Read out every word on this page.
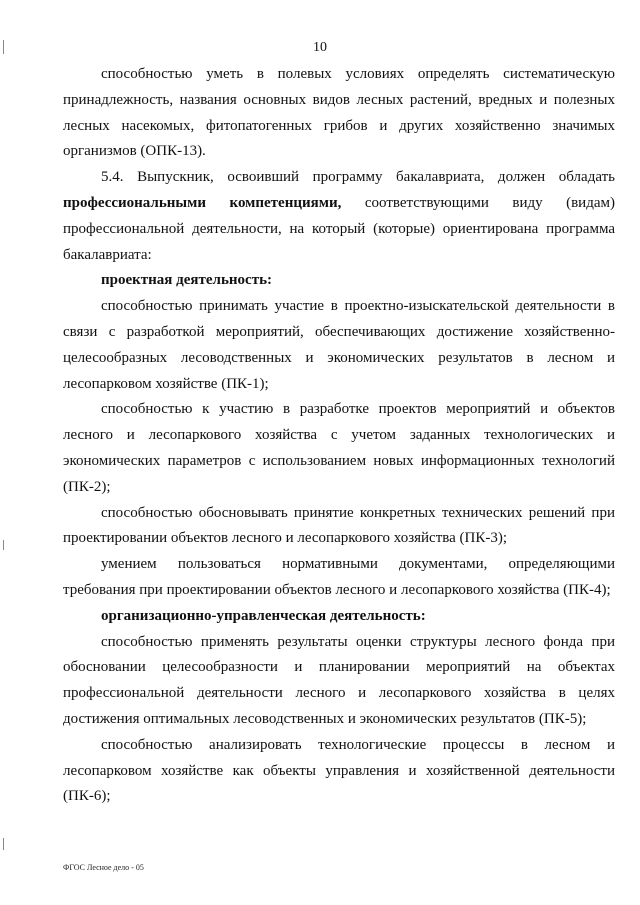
10

способностью уметь в полевых условиях определять систематическую принадлежность, названия основных видов лесных растений, вредных и полезных лесных насекомых, фитопатогенных грибов и других хозяйственно значимых организмов (ОПК-13).

5.4. Выпускник, освоивший программу бакалавриата, должен обладать профессиональными компетенциями, соответствующими виду (видам) профессиональной деятельности, на который (которые) ориентирована программа бакалавриата:

проектная деятельность:

способностью принимать участие в проектно-изыскательской деятельности в связи с разработкой мероприятий, обеспечивающих достижение хозяйственно-целесообразных лесоводственных и экономических результатов в лесном и лесопарковом хозяйстве (ПК-1);

способностью к участию в разработке проектов мероприятий и объектов лесного и лесопаркового хозяйства с учетом заданных технологических и экономических параметров с использованием новых информационных технологий (ПК-2);

способностью обосновывать принятие конкретных технических решений при проектировании объектов лесного и лесопаркового хозяйства (ПК-3);

умением пользоваться нормативными документами, определяющими требования при проектировании объектов лесного и лесопаркового хозяйства (ПК-4);

организационно-управленческая деятельность:

способностью применять результаты оценки структуры лесного фонда при обосновании целесообразности и планировании мероприятий на объектах профессиональной деятельности лесного и лесопаркового хозяйства в целях достижения оптимальных лесоводственных и экономических результатов (ПК-5);

способностью анализировать технологические процессы в лесном и лесопарковом хозяйстве как объекты управления и хозяйственной деятельности (ПК-6);

ФГОС Лесное дело - 05
